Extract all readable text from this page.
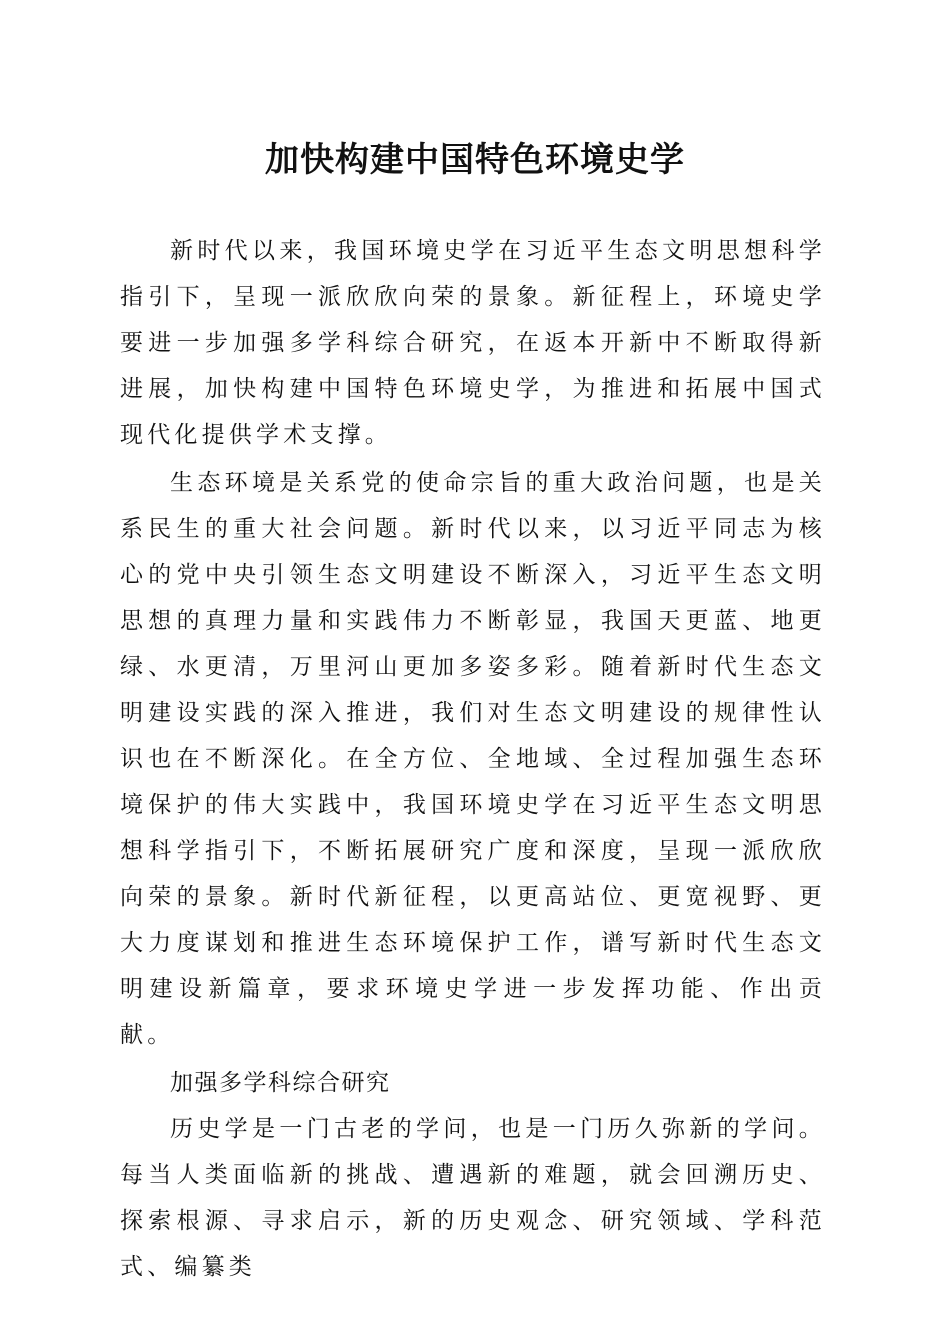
加快构建中国特色环境史学

新时代以来，我国环境史学在习近平生态文明思想科学指引下，呈现一派欣欣向荣的景象。新征程上，环境史学要进一步加强多学科综合研究，在返本开新中不断取得新进展，加快构建中国特色环境史学，为推进和拓展中国式现代化提供学术支撑。

生态环境是关系党的使命宗旨的重大政治问题，也是关系民生的重大社会问题。新时代以来，以习近平同志为核心的党中央引领生态文明建设不断深入，习近平生态文明思想的真理力量和实践伟力不断彰显，我国天更蓝、地更绿、水更清，万里河山更加多姿多彩。随着新时代生态文明建设实践的深入推进，我们对生态文明建设的规律性认识也在不断深化。在全方位、全地域、全过程加强生态环境保护的伟大实践中，我国环境史学在习近平生态文明思想科学指引下，不断拓展研究广度和深度，呈现一派欣欣向荣的景象。新时代新征程，以更高站位、更宽视野、更大力度谋划和推进生态环境保护工作，谱写新时代生态文明建设新篇章，要求环境史学进一步发挥功能、作出贡献。

加强多学科综合研究

历史学是一门古老的学问，也是一门历久弥新的学问。每当人类面临新的挑战、遭遇新的难题，就会回溯历史、探索根源、寻求启示，新的历史观念、研究领域、学科范式、编纂类
